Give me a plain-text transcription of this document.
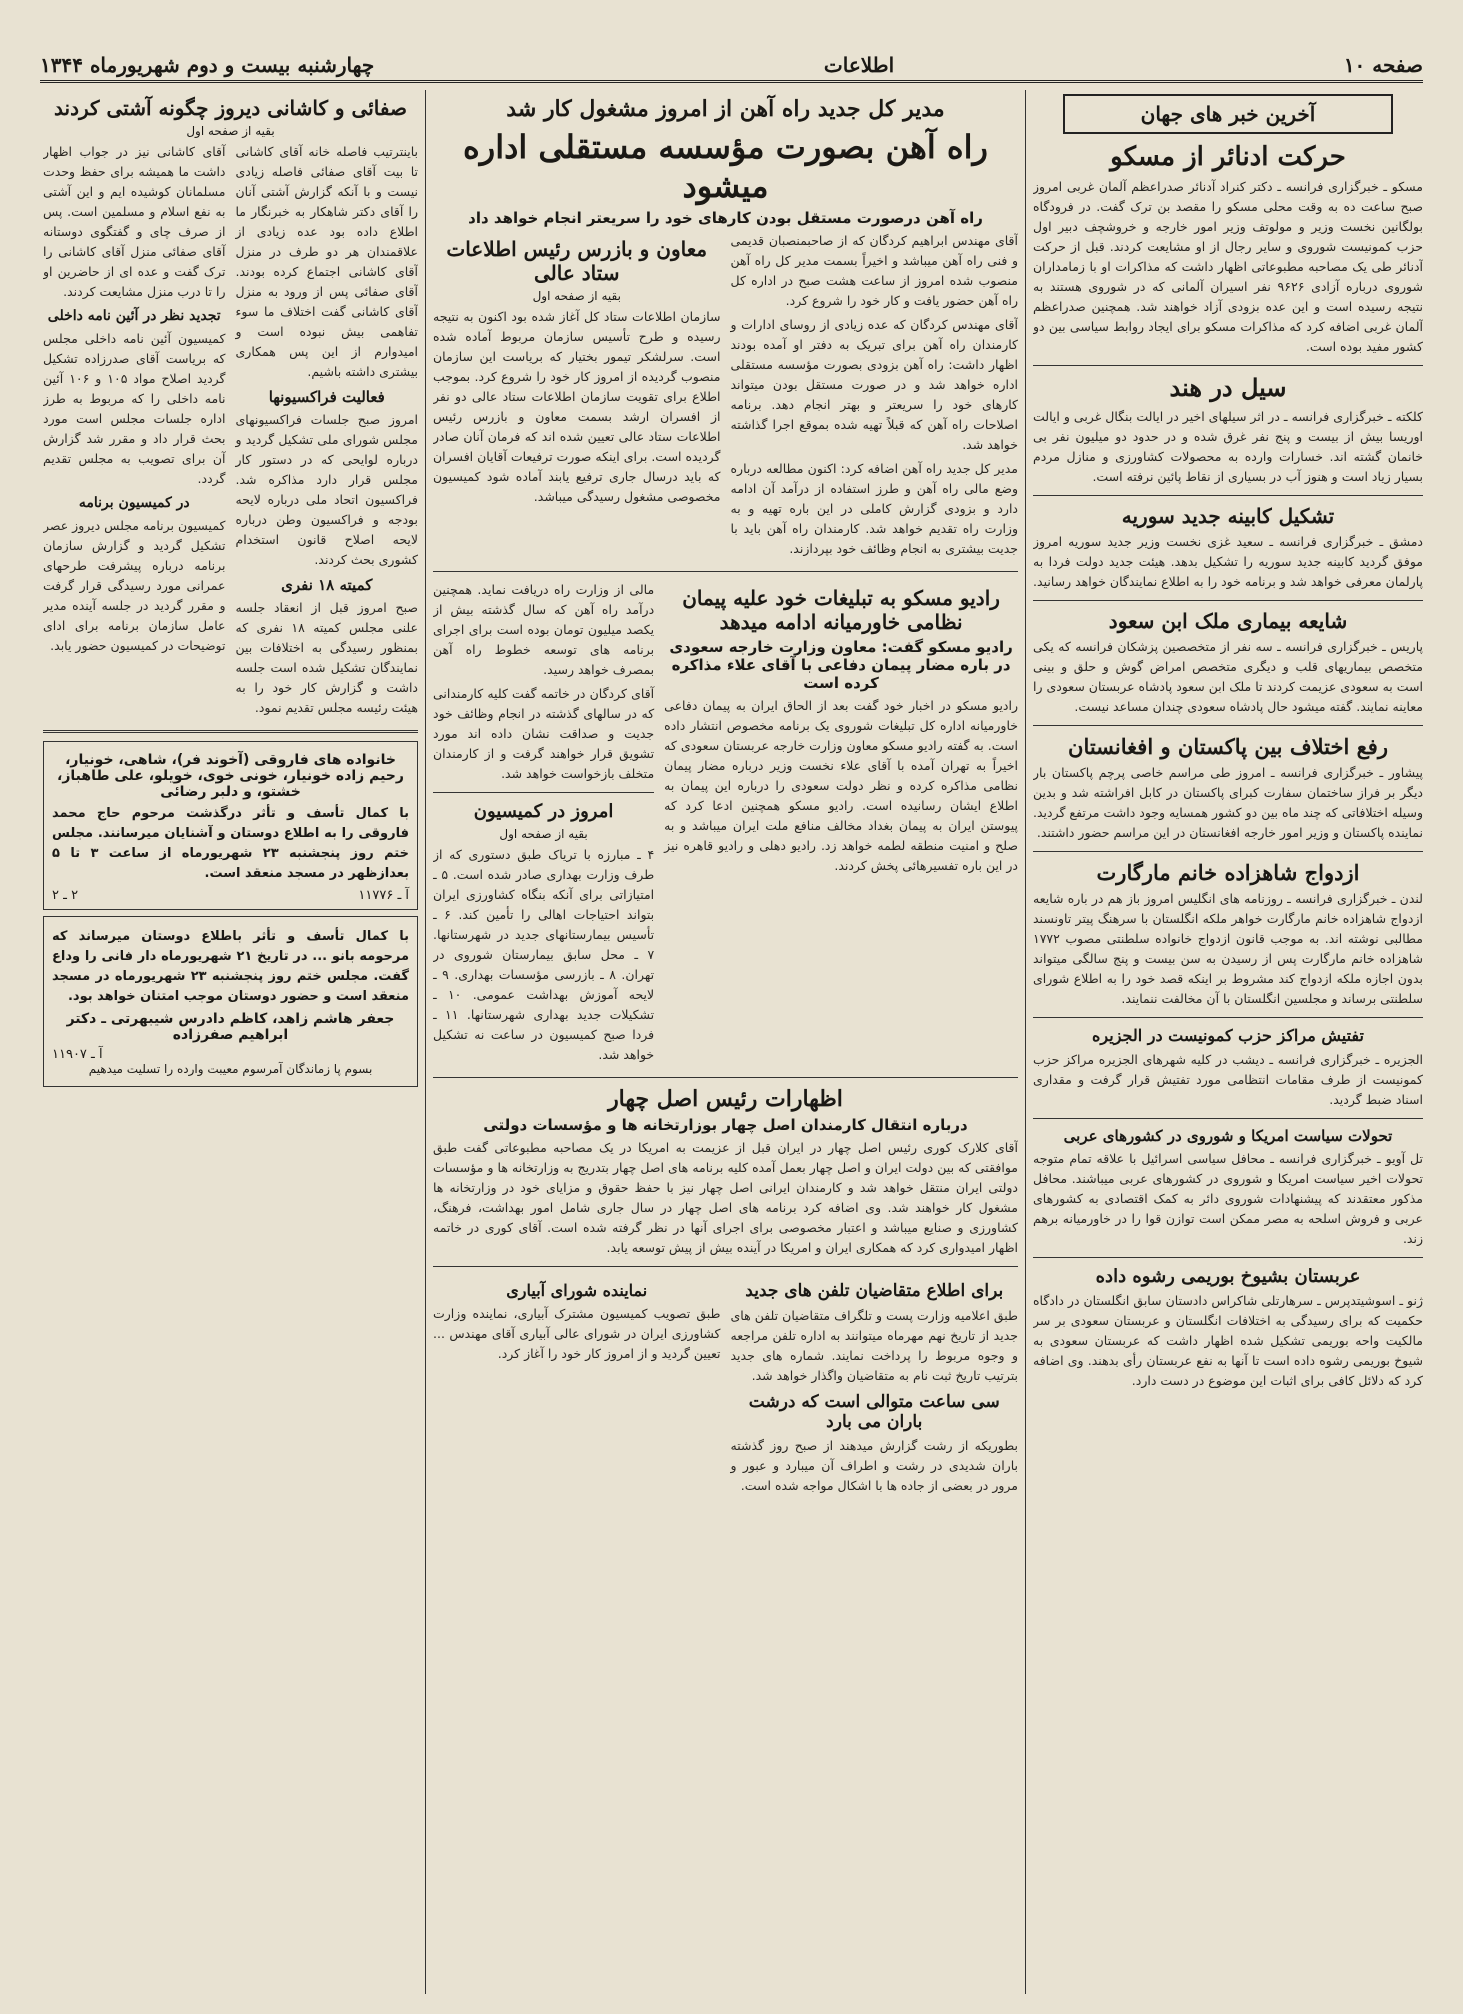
صفحه ۱۰
اطلاعات
چهارشنبه بیست و دوم شهریورماه ۱۳۴۴
آخرین خبر های جهان
حرکت ادنائر از مسکو

مسکو ـ خبرگزاری فرانسه ـ دکتر کنراد آدنائر صدراعظم آلمان غربی امروز صبح ساعت ده به وقت محلی مسکو را مقصد بن ترک گفت. در فرودگاه بولگانین نخست وزیر و مولوتف وزیر امور خارجه و خروشچف دبیر اول حزب کمونیست شوروی و سایر رجال از او مشایعت کردند. قبل از حرکت آدنائر طی یک مصاحبه مطبوعاتی اظهار داشت که مذاکرات او با زمامداران شوروی درباره آزادی ۹۶۲۶ نفر اسیران آلمانی که در شوروی هستند به نتیجه رسیده است و این عده بزودی آزاد خواهند شد. همچنین صدراعظم آلمان غربی اضافه کرد که مذاکرات مسکو برای ایجاد روابط سیاسی بین دو کشور مفید بوده است.

سیل در هند

کلکته ـ خبرگزاری فرانسه ـ در اثر سیلهای اخیر در ایالت بنگال غربی و ایالت اوریسا بیش از بیست و پنج نفر غرق شده و در حدود دو میلیون نفر بی خانمان گشته اند. خسارات وارده به محصولات کشاورزی و منازل مردم بسیار زیاد است و هنوز آب در بسیاری از نقاط پائین نرفته است.

تشکیل کابینه جدید سوریه

دمشق ـ خبرگزاری فرانسه ـ سعید غزی نخست وزیر جدید سوریه امروز موفق گردید کابینه جدید سوریه را تشکیل بدهد. هیئت جدید دولت فردا به پارلمان معرفی خواهد شد و برنامه خود را به اطلاع نمایندگان خواهد رسانید.

شایعه بیماری ملک ابن سعود

پاریس ـ خبرگزاری فرانسه ـ سه نفر از متخصصین پزشکان فرانسه که یکی متخصص بیماریهای قلب و دیگری متخصص امراض گوش و حلق و بینی است به سعودی عزیمت کردند تا ملک ابن سعود پادشاه عربستان سعودی را معاینه نمایند. گفته میشود حال پادشاه سعودی چندان مساعد نیست.

رفع اختلاف بین پاکستان و افغانستان

پیشاور ـ خبرگزاری فرانسه ـ امروز طی مراسم خاصی پرچم پاکستان بار دیگر بر فراز ساختمان سفارت کبرای پاکستان در کابل افراشته شد و بدین وسیله اختلافاتی که چند ماه بین دو کشور همسایه وجود داشت مرتفع گردید. نماینده پاکستان و وزیر امور خارجه افغانستان در این مراسم حضور داشتند.

ازدواج شاهزاده خانم مارگارت

لندن ـ خبرگزاری فرانسه ـ روزنامه های انگلیس امروز باز هم در باره شایعه ازدواج شاهزاده خانم مارگارت خواهر ملکه انگلستان با سرهنگ پیتر تاونسند مطالبی نوشته اند. به موجب قانون ازدواج خانواده سلطنتی مصوب ۱۷۷۲ شاهزاده خانم مارگارت پس از رسیدن به سن بیست و پنج سالگی میتواند بدون اجازه ملکه ازدواج کند مشروط بر اینکه قصد خود را به اطلاع شورای سلطنتی برساند و مجلسین انگلستان با آن مخالفت ننمایند.

تفتیش مراکز حزب کمونیست در الجزیره

الجزیره ـ خبرگزاری فرانسه ـ دیشب در کلیه شهرهای الجزیره مراکز حزب کمونیست از طرف مقامات انتظامی مورد تفتیش قرار گرفت و مقداری اسناد ضبط گردید.

تحولات سیاست امریکا و شوروی در کشورهای عربی

تل آویو ـ خبرگزاری فرانسه ـ محافل سیاسی اسرائیل با علاقه تمام متوجه تحولات اخیر سیاست امریکا و شوروی در کشورهای عربی میباشند. محافل مذکور معتقدند که پیشنهادات شوروی دائر به کمک اقتصادی به کشورهای عربی و فروش اسلحه به مصر ممکن است توازن قوا را در خاورمیانه برهم زند.

عربستان بشیوخ بوریمی رشوه داده

ژنو ـ اسوشیتدپرس ـ سرهارتلی شاکراس دادستان سابق انگلستان در دادگاه حکمیت که برای رسیدگی به اختلافات انگلستان و عربستان سعودی بر سر مالکیت واحه بوریمی تشکیل شده اظهار داشت که عربستان سعودی به شیوخ بوریمی رشوه داده است تا آنها به نفع عربستان رأی بدهند. وی اضافه کرد که دلائل کافی برای اثبات این موضوع در دست دارد.

مدیر کل جدید راه آهن از امروز مشغول کار شد
راه آهن بصورت مؤسسه مستقلی اداره میشود
راه آهن درصورت مستقل بودن کارهای خود را سریعتر انجام خواهد داد

آقای مهندس ابراهیم کردگان که از صاحبمنصبان قدیمی و فنی راه آهن میباشد و اخیراً بسمت مدیر کل راه آهن منصوب شده امروز از ساعت هشت صبح در اداره کل راه آهن حضور یافت و کار خود را شروع کرد.

آقای مهندس کردگان که عده زیادی از روسای ادارات و کارمندان راه آهن برای تبریک به دفتر او آمده بودند اظهار داشت: راه آهن بزودی بصورت مؤسسه مستقلی اداره خواهد شد و در صورت مستقل بودن میتواند کارهای خود را سریعتر و بهتر انجام دهد. برنامه اصلاحات راه آهن که قبلاً تهیه شده بموقع اجرا گذاشته خواهد شد.

مدیر کل جدید راه آهن اضافه کرد: اکنون مطالعه درباره وضع مالی راه آهن و طرز استفاده از درآمد آن ادامه دارد و بزودی گزارش کاملی در این باره تهیه و به وزارت راه تقدیم خواهد شد. کارمندان راه آهن باید با جدیت بیشتری به انجام وظائف خود بپردازند.

معاون و بازرس رئیس اطلاعات ستاد عالی
بقیه از صفحه اول

سازمان اطلاعات ستاد کل آغاز شده بود اکنون به نتیجه رسیده و طرح تأسیس سازمان مربوط آماده شده است. سرلشکر تیمور بختیار که بریاست این سازمان منصوب گردیده از امروز کار خود را شروع کرد. بموجب اطلاع برای تقویت سازمان اطلاعات ستاد عالی دو نفر از افسران ارشد بسمت معاون و بازرس رئیس اطلاعات ستاد عالی تعیین شده اند که فرمان آنان صادر گردیده است. برای اینکه صورت ترفیعات آقایان افسران که باید درسال جاری ترفیع یابند آماده شود کمیسیون مخصوصی مشغول رسیدگی میباشد.

رادیو مسکو به تبلیغات خود علیه پیمان نظامی خاورمیانه ادامه میدهد
رادیو مسکو گفت: معاون وزارت خارجه سعودی در باره مضار پیمان دفاعی با آقای علاء مذاکره کرده است

رادیو مسکو در اخبار خود گفت بعد از الحاق ایران به پیمان دفاعی خاورمیانه اداره کل تبلیغات شوروی یک برنامه مخصوص انتشار داده است. به گفته رادیو مسکو معاون وزارت خارجه عربستان سعودی که اخیراً به تهران آمده با آقای علاء نخست وزیر درباره مضار پیمان نظامی مذاکره کرده و نظر دولت سعودی را درباره این پیمان به اطلاع ایشان رسانیده است. رادیو مسکو همچنین ادعا کرد که پیوستن ایران به پیمان بغداد مخالف منافع ملت ایران میباشد و به صلح و امنیت منطقه لطمه خواهد زد. رادیو دهلی و رادیو قاهره نیز در این باره تفسیرهائی پخش کردند.

مالی از وزارت راه دریافت نماید. همچنین درآمد راه آهن که سال گذشته بیش از یکصد میلیون تومان بوده است برای اجرای برنامه های توسعه خطوط راه آهن بمصرف خواهد رسید.

آقای کردگان در خاتمه گفت کلیه کارمندانی که در سالهای گذشته در انجام وظائف خود جدیت و صداقت نشان داده اند مورد تشویق قرار خواهند گرفت و از کارمندان متخلف بازخواست خواهد شد.

امروز در کمیسیون
بقیه از صفحه اول

۴ ـ مبارزه با تریاک طبق دستوری که از طرف وزارت بهداری صادر شده است. ۵ ـ امتیازاتی برای آنکه بنگاه کشاورزی ایران بتواند احتیاجات اهالی را تأمین کند. ۶ ـ تأسیس بیمارستانهای جدید در شهرستانها. ۷ ـ محل سابق بیمارستان شوروی در تهران. ۸ ـ بازرسی مؤسسات بهداری. ۹ ـ لایحه آموزش بهداشت عمومی. ۱۰ ـ تشکیلات جدید بهداری شهرستانها. ۱۱ ـ فردا صبح کمیسیون در ساعت نه تشکیل خواهد شد.

اظهارات رئیس اصل چهار
درباره انتقال کارمندان اصل چهار بوزارتخانه ها و مؤسسات دولتی

آقای کلارک کوری رئیس اصل چهار در ایران قبل از عزیمت به امریکا در یک مصاحبه مطبوعاتی گفت طبق موافقتی که بین دولت ایران و اصل چهار بعمل آمده کلیه برنامه های اصل چهار بتدریج به وزارتخانه ها و مؤسسات دولتی ایران منتقل خواهد شد و کارمندان ایرانی اصل چهار نیز با حفظ حقوق و مزایای خود در وزارتخانه ها مشغول کار خواهند شد. وی اضافه کرد برنامه های اصل چهار در سال جاری شامل امور بهداشت، فرهنگ، کشاورزی و صنایع میباشد و اعتبار مخصوصی برای اجرای آنها در نظر گرفته شده است. آقای کوری در خاتمه اظهار امیدواری کرد که همکاری ایران و امریکا در آینده بیش از پیش توسعه یابد.

برای اطلاع متقاضیان تلفن های جدید

طبق اعلامیه وزارت پست و تلگراف متقاضیان تلفن های جدید از تاریخ نهم مهرماه میتوانند به اداره تلفن مراجعه و وجوه مربوط را پرداخت نمایند. شماره های جدید بترتیب تاریخ ثبت نام به متقاضیان واگذار خواهد شد.

سی ساعت متوالی است که درشت باران می بارد

بطوریکه از رشت گزارش میدهند از صبح روز گذشته باران شدیدی در رشت و اطراف آن میبارد و عبور و مرور در بعضی از جاده ها با اشکال مواجه شده است.

نماینده شورای آبیاری

طبق تصویب کمیسیون مشترک آبیاری، نماینده وزارت کشاورزی ایران در شورای عالی آبیاری آقای مهندس ... تعیین گردید و از امروز کار خود را آغاز کرد.

صفائی و کاشانی دیروز چگونه آشتی کردند
بقیه از صفحه اول

باینترتیب فاصله خانه آقای کاشانی تا بیت آقای صفائی فاصله زیادی نیست و با آنکه گزارش آشتی آنان را آقای دکتر شاهکار به خبرنگار ما اطلاع داده بود عده زیادی از علاقمندان هر دو طرف در منزل آقای کاشانی اجتماع کرده بودند. آقای صفائی پس از ورود به منزل آقای کاشانی گفت اختلاف ما سوء تفاهمی بیش نبوده است و امیدوارم از این پس همکاری بیشتری داشته باشیم.

فعالیت فراکسیونها

امروز صبح جلسات فراکسیونهای مجلس شورای ملی تشکیل گردید و درباره لوایحی که در دستور کار مجلس قرار دارد مذاکره شد. فراکسیون اتحاد ملی درباره لایحه بودجه و فراکسیون وطن درباره لایحه اصلاح قانون استخدام کشوری بحث کردند.

کمیته ۱۸ نفری

صبح امروز قبل از انعقاد جلسه علنی مجلس کمیته ۱۸ نفری که بمنظور رسیدگی به اختلافات بین نمایندگان تشکیل شده است جلسه داشت و گزارش کار خود را به هیئت رئیسه مجلس تقدیم نمود.

آقای کاشانی نیز در جواب اظهار داشت ما همیشه برای حفظ وحدت مسلمانان کوشیده ایم و این آشتی به نفع اسلام و مسلمین است. پس از صرف چای و گفتگوی دوستانه آقای صفائی منزل آقای کاشانی را ترک گفت و عده ای از حاضرین او را تا درب منزل مشایعت کردند.

تجدید نظر در آئین نامه داخلی

کمیسیون آئین نامه داخلی مجلس که بریاست آقای صدرزاده تشکیل گردید اصلاح مواد ۱۰۵ و ۱۰۶ آئین نامه داخلی را که مربوط به طرز اداره جلسات مجلس است مورد بحث قرار داد و مقرر شد گزارش آن برای تصویب به مجلس تقدیم گردد.

در کمیسیون برنامه

کمیسیون برنامه مجلس دیروز عصر تشکیل گردید و گزارش سازمان برنامه درباره پیشرفت طرحهای عمرانی مورد رسیدگی قرار گرفت و مقرر گردید در جلسه آینده مدیر عامل سازمان برنامه برای ادای توضیحات در کمیسیون حضور یابد.

خانواده های فاروقی (آخوند فر)، شاهی، خونیار، رحیم زاده خونیار، خونی خوی، خویلو، علی طاهباز، خشتو، و دلبر رضائی

با کمال تأسف و تأثر درگذشت مرحوم حاج محمد فاروقی را به اطلاع دوستان و آشنایان میرسانند. مجلس ختم روز پنجشنبه ۲۳ شهریورماه از ساعت ۳ تا ۵ بعدازظهر در مسجد منعقد است.

آ ـ ۱۱۷۷۶
۲ ـ ۲

با کمال تأسف و تأثر باطلاع دوستان میرساند که مرحومه بانو ... در تاریخ ۲۱ شهریورماه دار فانی را وداع گفت. مجلس ختم روز پنجشنبه ۲۳ شهریورماه در مسجد منعقد است و حضور دوستان موجب امتنان خواهد بود.

جعفر هاشم زاهد، کاظم دادرس شیبهرتی ـ دکتر ابراهیم صفرزاده
آ ـ ۱۱۹۰۷
بسوم پا زماندگان آمرسوم معیبت وارده را تسلیت میدهیم
